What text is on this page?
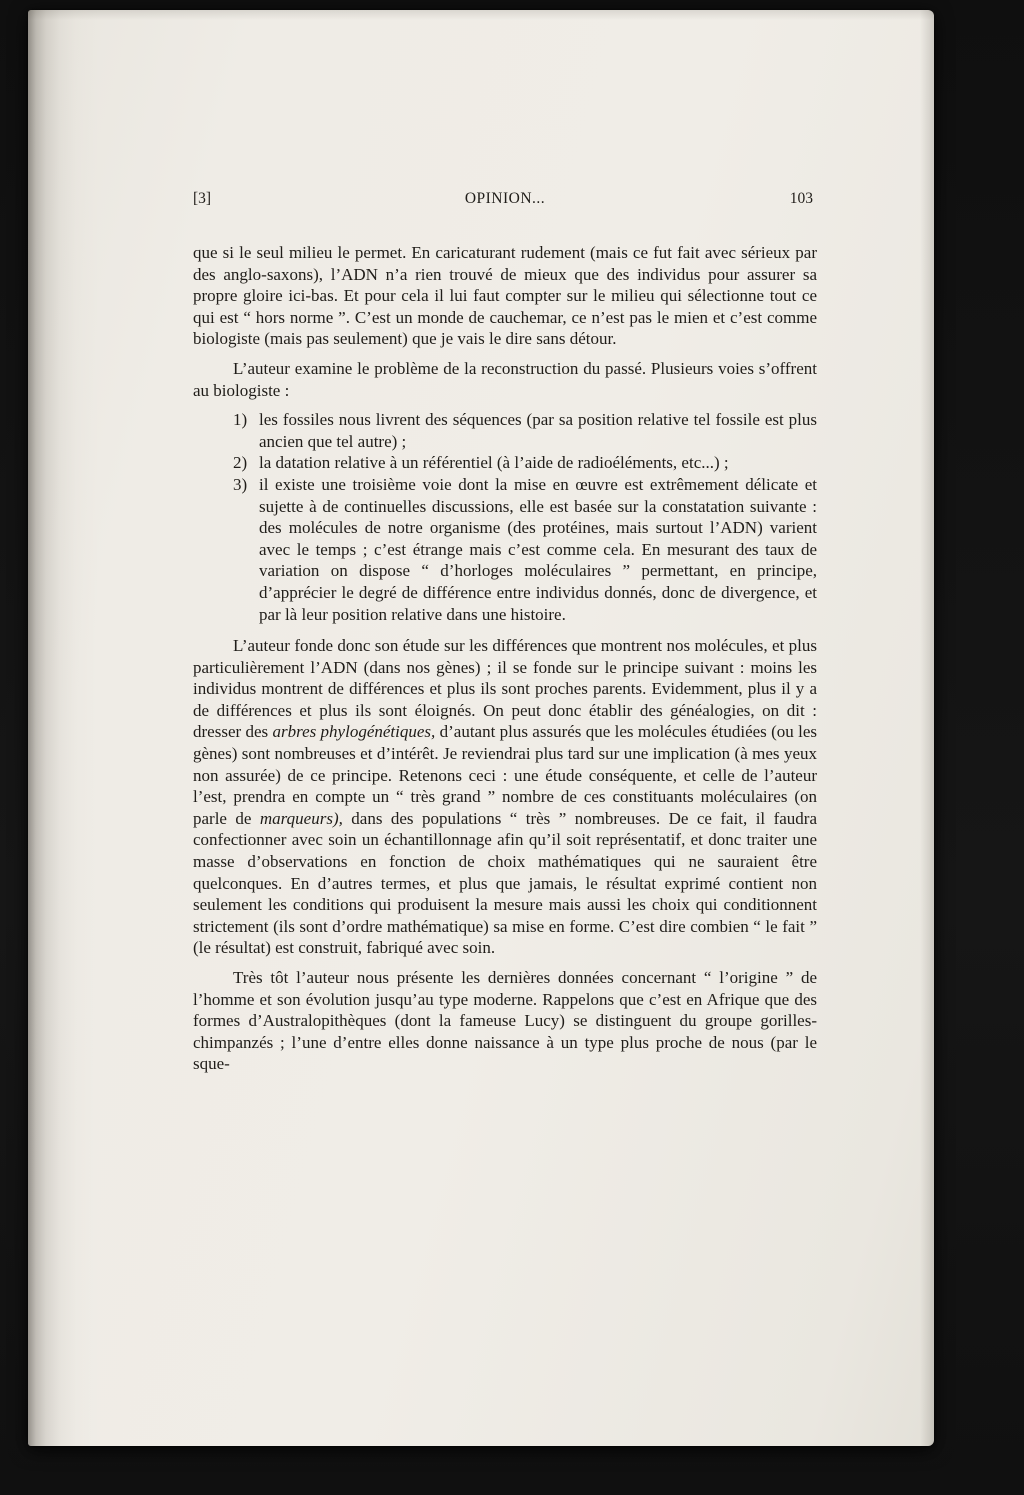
[3]	OPINION...	103

que si le seul milieu le permet. En caricaturant rudement (mais ce fut fait avec sérieux par des anglo-saxons), l’ADN n’a rien trouvé de mieux que des individus pour assurer sa propre gloire ici-bas. Et pour cela il lui faut compter sur le milieu qui sélectionne tout ce qui est “ hors norme ”. C’est un monde de cauchemar, ce n’est pas le mien et c’est comme biologiste (mais pas seulement) que je vais le dire sans détour.

L’auteur examine le problème de la reconstruction du passé. Plusieurs voies s’offrent au biologiste :

1) les fossiles nous livrent des séquences (par sa position relative tel fossile est plus ancien que tel autre) ;
2) la datation relative à un référentiel (à l’aide de radioéléments, etc...) ;
3) il existe une troisième voie dont la mise en œuvre est extrêmement délicate et sujette à de continuelles discussions, elle est basée sur la constatation suivante : des molécules de notre organisme (des protéines, mais surtout l’ADN) varient avec le temps ; c’est étrange mais c’est comme cela. En mesurant des taux de variation on dispose “ d’horloges moléculaires ” permettant, en principe, d’apprécier le degré de différence entre individus donnés, donc de divergence, et par là leur position relative dans une histoire.

L’auteur fonde donc son étude sur les différences que montrent nos molécules, et plus particulièrement l’ADN (dans nos gènes) ; il se fonde sur le principe suivant : moins les individus montrent de différences et plus ils sont proches parents. Evidemment, plus il y a de différences et plus ils sont éloignés. On peut donc établir des généalogies, on dit : dresser des arbres phylogénétiques, d’autant plus assurés que les molécules étudiées (ou les gènes) sont nombreuses et d’intérêt. Je reviendrai plus tard sur une implication (à mes yeux non assurée) de ce principe. Retenons ceci : une étude conséquente, et celle de l’auteur l’est, prendra en compte un “ très grand ” nombre de ces constituants moléculaires (on parle de marqueurs), dans des populations “ très ” nombreuses. De ce fait, il faudra confectionner avec soin un échantillonnage afin qu’il soit représentatif, et donc traiter une masse d’observations en fonction de choix mathématiques qui ne sauraient être quelconques. En d’autres termes, et plus que jamais, le résultat exprimé contient non seulement les conditions qui produisent la mesure mais aussi les choix qui conditionnent strictement (ils sont d’ordre mathématique) sa mise en forme. C’est dire combien “ le fait ” (le résultat) est construit, fabriqué avec soin.

Très tôt l’auteur nous présente les dernières données concernant “ l’origine ” de l’homme et son évolution jusqu’au type moderne. Rappelons que c’est en Afrique que des formes d’Australopithèques (dont la fameuse Lucy) se distinguent du groupe gorilles-chimpanzés ; l’une d’entre elles donne naissance à un type plus proche de nous (par le sque-
